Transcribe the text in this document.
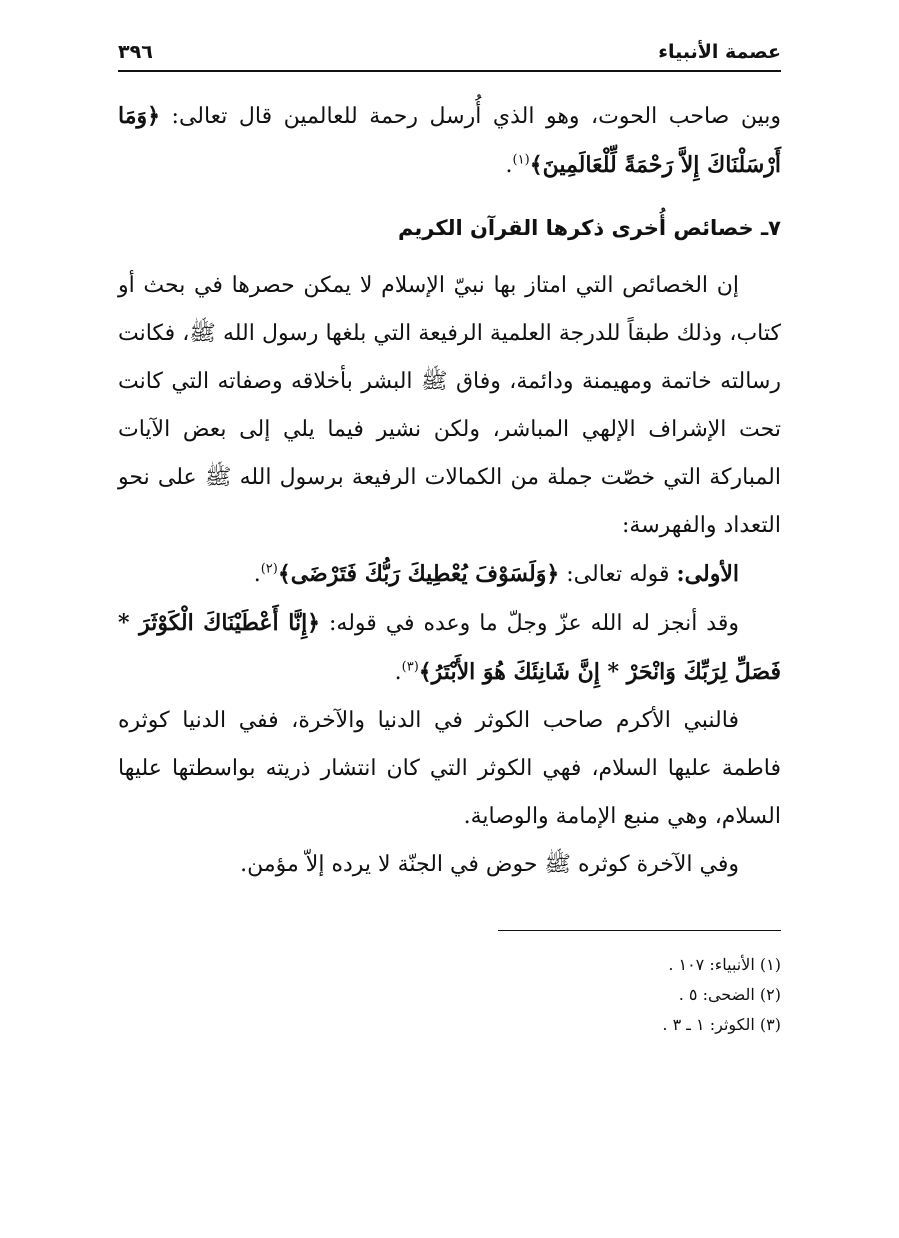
عصمة الأنبياء
٣٩٦

وبين صاحب الحوت، وهو الذي أُرسل رحمة للعالمين قال تعالى: ﴿وَمَا أَرْسَلْنَاكَ إِلاَّ رَحْمَةً لِّلْعَالَمِينَ﴾$^{(١)}$.

٧ـ خصائص أُخرى ذكرها القرآن الكريم

إن الخصائص التي امتاز بها نبيّ الإسلام لا يمكن حصرها في بحث أو كتاب، وذلك طبقاً للدرجة العلمية الرفيعة التي بلغها رسول الله ﷺ، فكانت رسالته خاتمة ومهيمنة ودائمة، وفاق ﷺ البشر بأخلاقه وصفاته التي كانت تحت الإشراف الإلهي المباشر، ولكن نشير فيما يلي إلى بعض الآيات المباركة التي خصّت جملة من الكمالات الرفيعة برسول الله ﷺ على نحو التعداد والفهرسة:

الأولى: قوله تعالى: ﴿وَلَسَوْفَ يُعْطِيكَ رَبُّكَ فَتَرْضَى﴾$^{(٢)}$.

وقد أنجز له الله عزّ وجلّ ما وعده في قوله: ﴿إِنَّا أَعْطَيْنَاكَ الْكَوْثَرَ * فَصَلِّ لِرَبِّكَ وَانْحَرْ * إِنَّ شَانِئَكَ هُوَ الأَبْتَرُ﴾$^{(٣)}$.

فالنبي الأكرم صاحب الكوثر في الدنيا والآخرة، ففي الدنيا كوثره فاطمة عليها السلام، فهي الكوثر التي كان انتشار ذريته بواسطتها عليها السلام، وهي منبع الإمامة والوصاية.

وفي الآخرة كوثره ﷺ حوض في الجنّة لا يرده إلاّ مؤمن.

(١) الأنبياء: ١٠٧ .
(٢) الضحى: ٥ .
(٣) الكوثر: ١ ـ ٣ .
